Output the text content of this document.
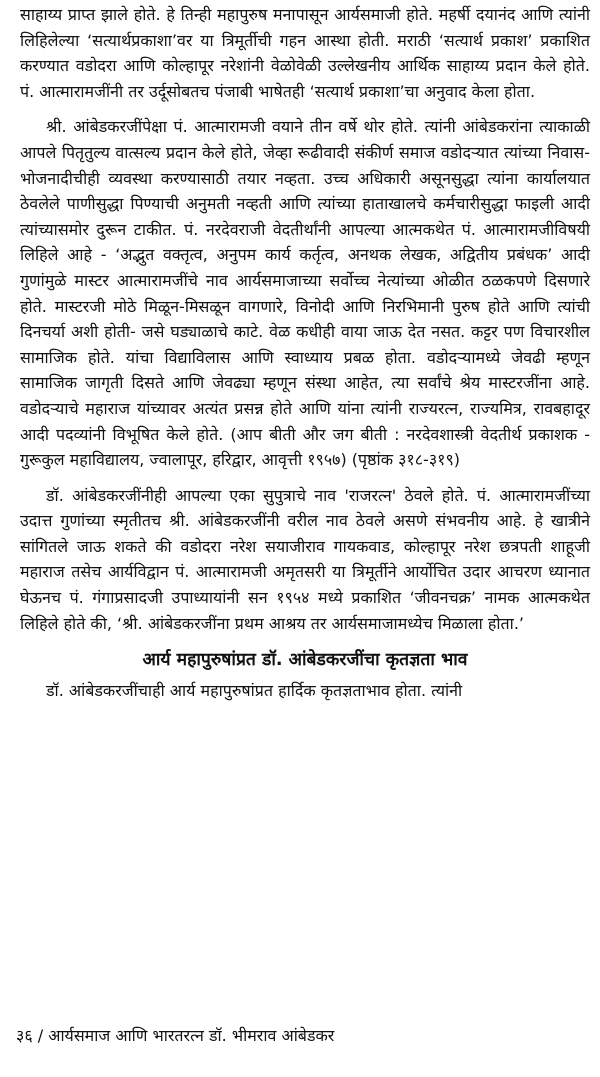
साहाय्य प्राप्त झाले होते. हे तिन्ही महापुरुष मनापासून आर्यसमाजी होते. महर्षी दयानंद आणि त्यांनी लिहिलेल्या ‘सत्यार्थप्रकाशा’वर या त्रिमूर्तीची गहन आस्था होती. मराठी ‘सत्यार्थ प्रकाश’ प्रकाशित करण्यात वडोदरा आणि कोल्हापूर नरेशांनी वेळोवेळी उल्लेखनीय आर्थिक साहाय्य प्रदान केले होते. पं. आत्मारामजींनी तर उर्दूसोबतच पंजाबी भाषेतही ‘सत्यार्थ प्रकाशा’चा अनुवाद केला होता.

श्री. आंबेडकरजींपेक्षा पं. आत्मारामजी वयाने तीन वर्षे थोर होते. त्यांनी आंबेडकरांना त्याकाळी आपले पितृतुल्य वात्सल्य प्रदान केले होते, जेव्हा रूढीवादी संकीर्ण समाज वडोदऱ्यात त्यांच्या निवास-भोजनादीचीही व्यवस्था करण्यासाठी तयार नव्हता. उच्च अधिकारी असूनसुद्धा त्यांना कार्यालयात ठेवलेले पाणीसुद्धा पिण्याची अनुमती नव्हती आणि त्यांच्या हाताखालचे कर्मचारीसुद्धा फाइली आदी त्यांच्यासमोर दुरून टाकीत. पं. नरदेवराजी वेदतीर्थांनी आपल्या आत्मकथेत पं. आत्मारामजीविषयी लिहिले आहे - ‘अद्भुत वक्तृत्व, अनुपम कार्य कर्तृत्व, अनथक लेखक, अद्वितीय प्रबंधक’ आदी गुणांमुळे मास्टर आत्मारामजींचे नाव आर्यसमाजाच्या सर्वोच्च नेत्यांच्या ओळीत ठळकपणे दिसणारे होते. मास्टरजी मोठे मिळून-मिसळून वागणारे, विनोदी आणि निरभिमानी पुरुष होते आणि त्यांची दिनचर्या अशी होती- जसे घड्याळाचे काटे. वेळ कधीही वाया जाऊ देत नसत. कट्टर पण विचारशील सामाजिक होते. यांचा विद्याविलास आणि स्वाध्याय प्रबळ होता. वडोदऱ्यामध्ये जेवढी म्हणून सामाजिक जागृती दिसते आणि जेवढ्या म्हणून संस्था आहेत, त्या सर्वांचे श्रेय मास्टरजींना आहे. वडोदऱ्याचे महाराज यांच्यावर अत्यंत प्रसन्न होते आणि यांना त्यांनी राज्यरत्न, राज्यमित्र, रावबहादूर आदी पदव्यांनी विभूषित केले होते. (आप बीती और जग बीती : नरदेवशास्त्री वेदतीर्थ प्रकाशक - गुरूकुल महाविद्यालय, ज्वालापूर, हरिद्वार, आवृत्ती १९५७) (पृष्ठांक ३१८-३१९)

डॉ. आंबेडकरजींनीही आपल्या एका सुपुत्राचे नाव 'राजरत्न' ठेवले होते. पं. आत्मारामजींच्या उदात्त गुणांच्या स्मृतीतच श्री. आंबेडकरजींनी वरील नाव ठेवले असणे संभवनीय आहे. हे खात्रीने सांगितले जाऊ शकते की वडोदरा नरेश सयाजीराव गायकवाड, कोल्हापूर नरेश छत्रपती शाहूजी महाराज तसेच आर्यविद्वान पं. आत्मारामजी अमृतसरी या त्रिमूर्तीने आर्योचित उदार आचरण ध्यानात घेऊनच पं. गंगाप्रसादजी उपाध्यायांनी सन १९५४ मध्ये प्रकाशित ‘जीवनचक्र’ नामक आत्मकथेत लिहिले होते की, ‘श्री. आंबेडकरजींना प्रथम आश्रय तर आर्यसमाजामध्येच मिळाला होता.’

आर्य महापुरुषांप्रत डॉ. आंबेडकरजींचा कृतज्ञता भाव

डॉ. आंबेडकरजींचाही आर्य महापुरुषांप्रत हार्दिक कृतज्ञताभाव होता. त्यांनी

३६ / आर्यसमाज आणि भारतरत्न डॉ. भीमराव आंबेडकर
